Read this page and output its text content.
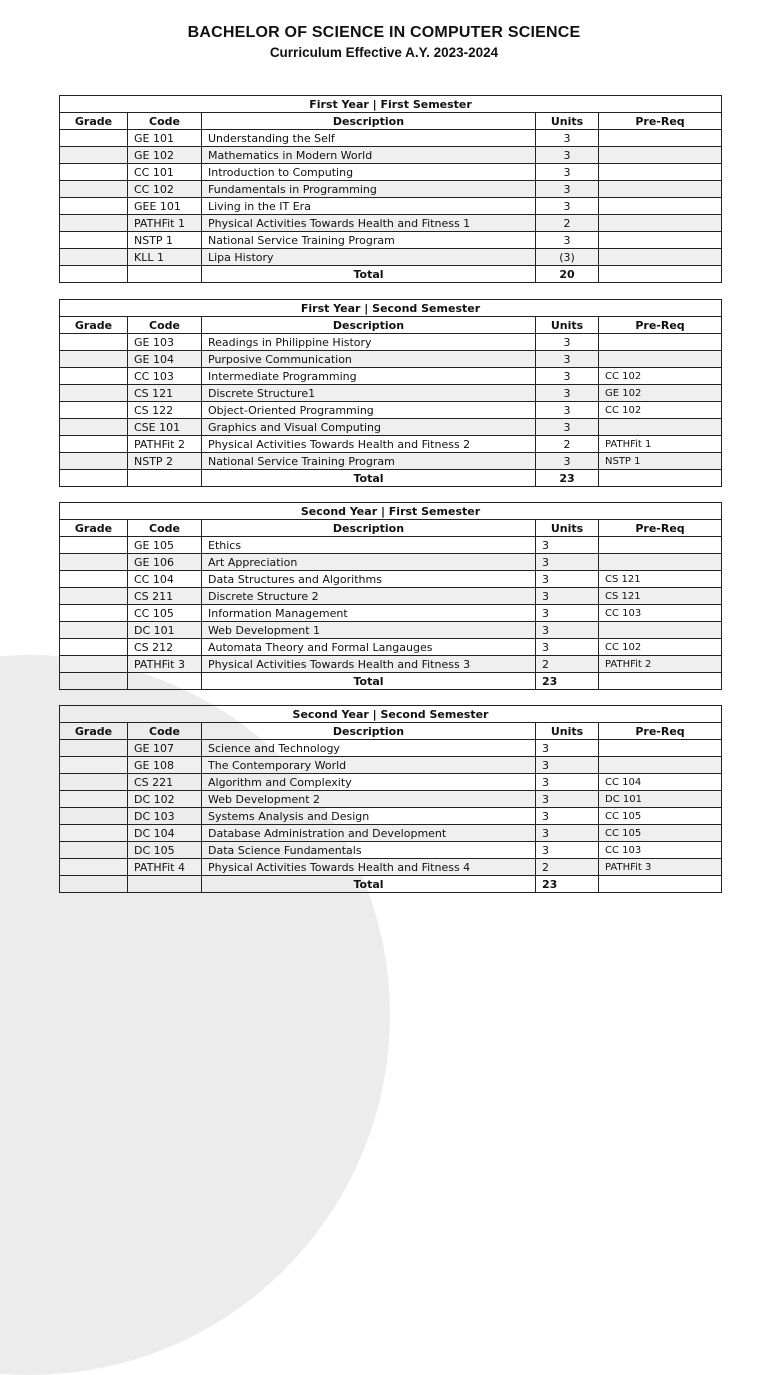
BACHELOR OF SCIENCE IN COMPUTER SCIENCE
Curriculum Effective A.Y. 2023-2024
First Year | First Semester				
Grade	Code	Description	Units	Pre-Req
	GE 101	Understanding the Self	3	
	GE 102	Mathematics in Modern World	3	
	CC 101	Introduction to Computing	3	
	CC 102	Fundamentals in Programming	3	
	GEE 101	Living in the IT Era	3	
	PATHFit 1	Physical Activities Towards Health and Fitness 1	2	
	NSTP 1	National Service Training Program	3	
	KLL 1	Lipa History	(3)	
		Total	20	
First Year | Second Semester				
Grade	Code	Description	Units	Pre-Req
	GE 103	Readings in Philippine History	3	
	GE 104	Purposive Communication	3	
	CC 103	Intermediate Programming	3	CC 102
	CS 121	Discrete Structure1	3	GE 102
	CS 122	Object-Oriented Programming	3	CC 102
	CSE 101	Graphics and Visual Computing	3	
	PATHFit 2	Physical Activities Towards Health and Fitness 2	2	PATHFit 1
	NSTP 2	National Service Training Program	3	NSTP 1
		Total	23	
Second Year | First Semester				
Grade	Code	Description	Units	Pre-Req
	GE 105	Ethics	3	
	GE 106	Art Appreciation	3	
	CC 104	Data Structures and Algorithms	3	CS 121
	CS 211	Discrete Structure 2	3	CS 121
	CC 105	Information Management	3	CC 103
	DC 101	Web Development 1	3	
	CS 212	Automata Theory and Formal Langauges	3	CC 102
	PATHFit 3	Physical Activities Towards Health and Fitness 3	2	PATHFit 2
		Total	23	
Second Year | Second Semester				
Grade	Code	Description	Units	Pre-Req
	GE 107	Science and Technology	3	
	GE 108	The Contemporary World	3	
	CS 221	Algorithm and Complexity	3	CC 104
	DC 102	Web Development 2	3	DC 101
	DC 103	Systems Analysis and Design	3	CC 105
	DC 104	Database Administration and Development	3	CC 105
	DC 105	Data Science Fundamentals	3	CC 103
	PATHFit 4	Physical Activities Towards Health and Fitness 4	2	PATHFit 3
		Total	23	
